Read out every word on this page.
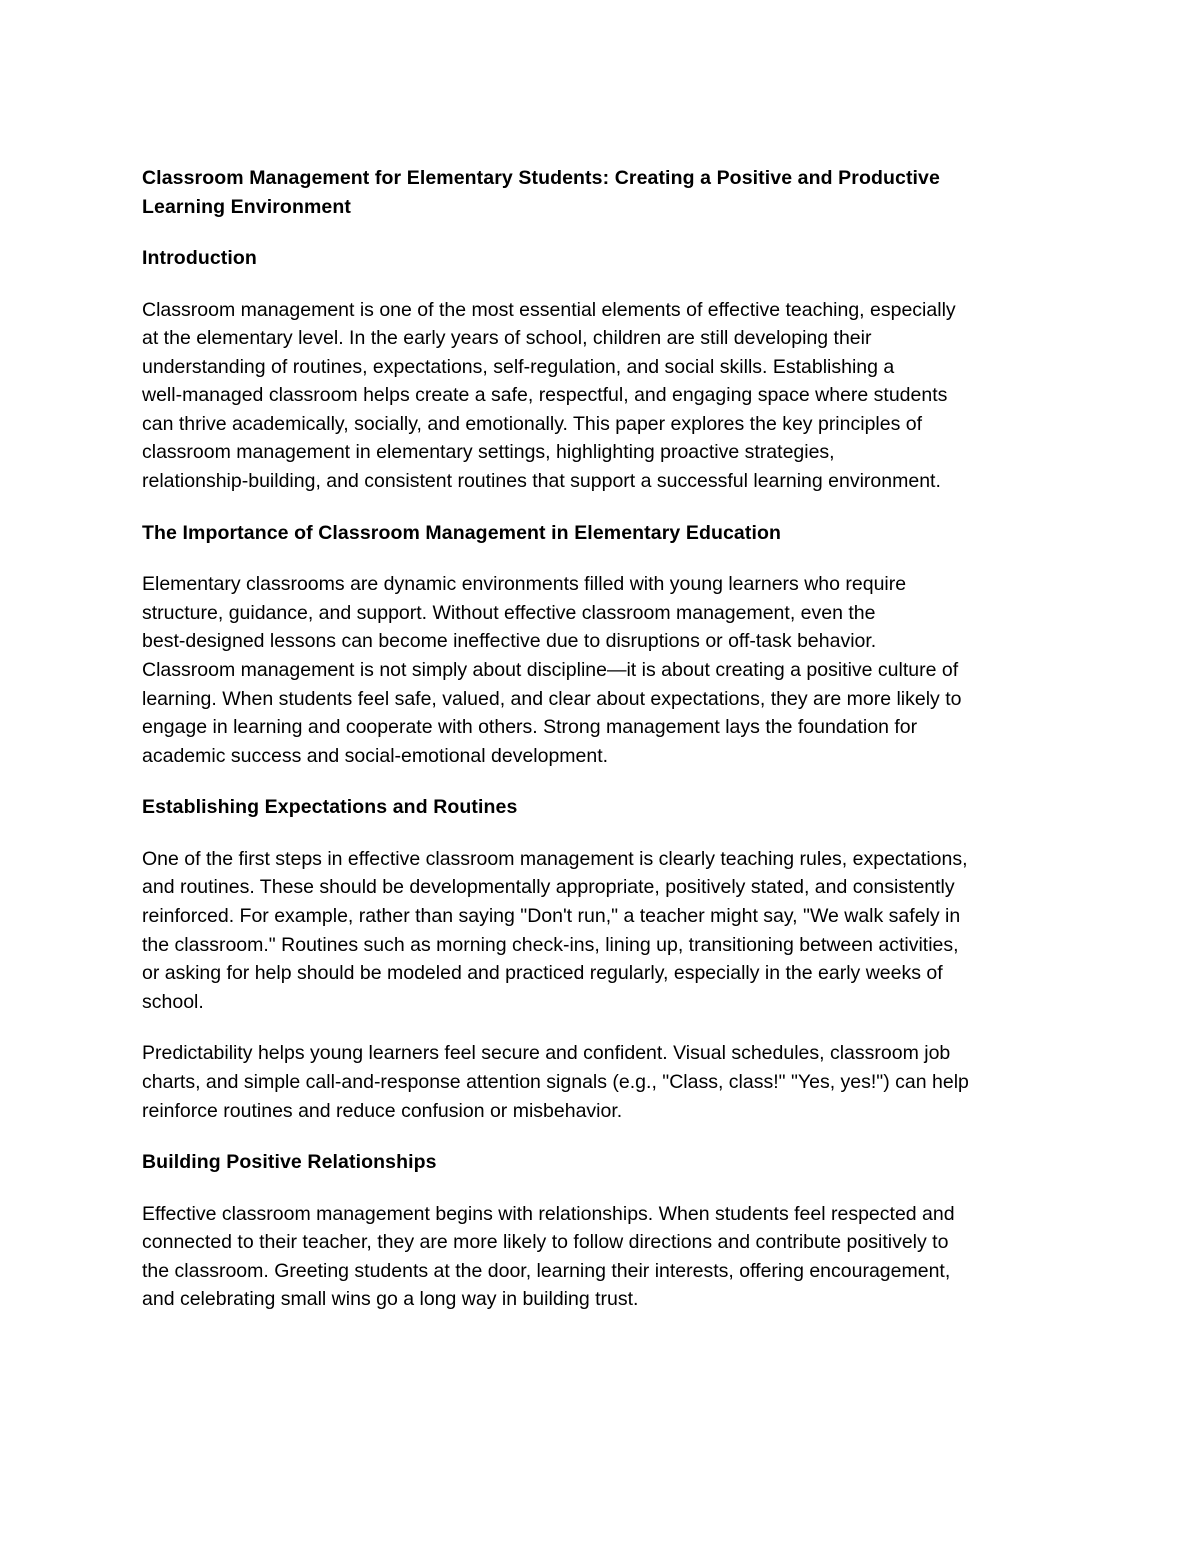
Classroom Management for Elementary Students: Creating a Positive and Productive
Learning Environment
Introduction
Classroom management is one of the most essential elements of effective teaching, especially
at the elementary level. In the early years of school, children are still developing their
understanding of routines, expectations, self-regulation, and social skills. Establishing a
well-managed classroom helps create a safe, respectful, and engaging space where students
can thrive academically, socially, and emotionally. This paper explores the key principles of
classroom management in elementary settings, highlighting proactive strategies,
relationship-building, and consistent routines that support a successful learning environment.
The Importance of Classroom Management in Elementary Education
Elementary classrooms are dynamic environments filled with young learners who require
structure, guidance, and support. Without effective classroom management, even the
best-designed lessons can become ineffective due to disruptions or off-task behavior.
Classroom management is not simply about discipline—it is about creating a positive culture of
learning. When students feel safe, valued, and clear about expectations, they are more likely to
engage in learning and cooperate with others. Strong management lays the foundation for
academic success and social-emotional development.
Establishing Expectations and Routines
One of the first steps in effective classroom management is clearly teaching rules, expectations,
and routines. These should be developmentally appropriate, positively stated, and consistently
reinforced. For example, rather than saying "Don't run," a teacher might say, "We walk safely in
the classroom." Routines such as morning check-ins, lining up, transitioning between activities,
or asking for help should be modeled and practiced regularly, especially in the early weeks of
school.
Predictability helps young learners feel secure and confident. Visual schedules, classroom job
charts, and simple call-and-response attention signals (e.g., "Class, class!" "Yes, yes!") can help
reinforce routines and reduce confusion or misbehavior.
Building Positive Relationships
Effective classroom management begins with relationships. When students feel respected and
connected to their teacher, they are more likely to follow directions and contribute positively to
the classroom. Greeting students at the door, learning their interests, offering encouragement,
and celebrating small wins go a long way in building trust.
